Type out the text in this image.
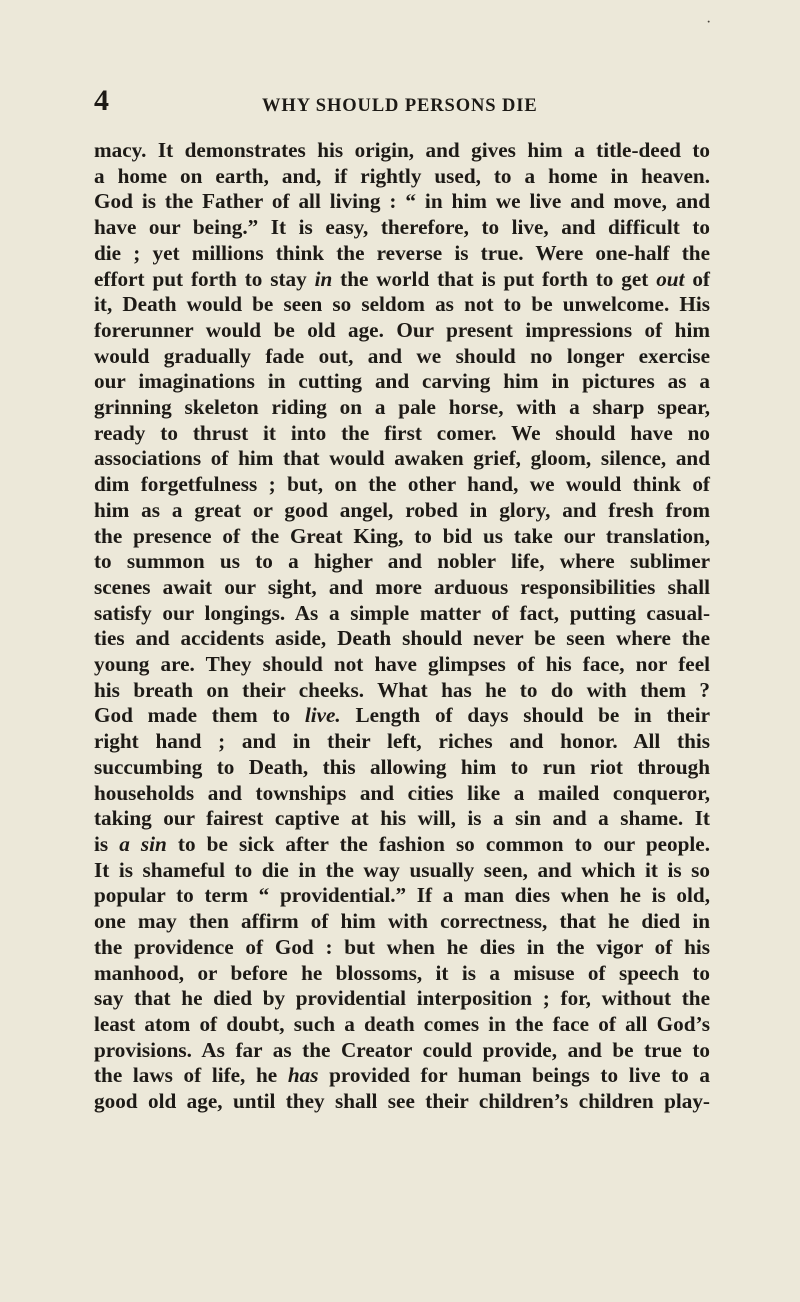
4	WHY SHOULD PERSONS DIE
macy. It demonstrates his origin, and gives him a title-deed to
a home on earth, and, if rightly used, to a home in heaven.
God is the Father of all living : “ in him we live and move, and
have our being.” It is easy, therefore, to live, and difficult to
die ; yet millions think the reverse is true. Were one-half the
effort put forth to stay in the world that is put forth to get out of
it, Death would be seen so seldom as not to be unwelcome. His
forerunner would be old age. Our present impressions of him
would gradually fade out, and we should no longer exercise
our imaginations in cutting and carving him in pictures as a
grinning skeleton riding on a pale horse, with a sharp spear,
ready to thrust it into the first comer. We should have no
associations of him that would awaken grief, gloom, silence, and
dim forgetfulness ; but, on the other hand, we would think of
him as a great or good angel, robed in glory, and fresh from
the presence of the Great King, to bid us take our translation,
to summon us to a higher and nobler life, where sublimer
scenes await our sight, and more arduous responsibilities shall
satisfy our longings. As a simple matter of fact, putting casual-
ties and accidents aside, Death should never be seen where the
young are. They should not have glimpses of his face, nor feel
his breath on their cheeks. What has he to do with them ?
God made them to live. Length of days should be in their
right hand ; and in their left, riches and honor. All this
succumbing to Death, this allowing him to run riot through
households and townships and cities like a mailed conqueror,
taking our fairest captive at his will, is a sin and a shame. It
is a sin to be sick after the fashion so common to our people.
It is shameful to die in the way usually seen, and which it is so
popular to term “ providential.” If a man dies when he is old,
one may then affirm of him with correctness, that he died in
the providence of God : but when he dies in the vigor of his
manhood, or before he blossoms, it is a misuse of speech to
say that he died by providential interposition ; for, without the
least atom of doubt, such a death comes in the face of all God’s
provisions. As far as the Creator could provide, and be true to
the laws of life, he has provided for human beings to live to a
good old age, until they shall see their children’s children play-
·
